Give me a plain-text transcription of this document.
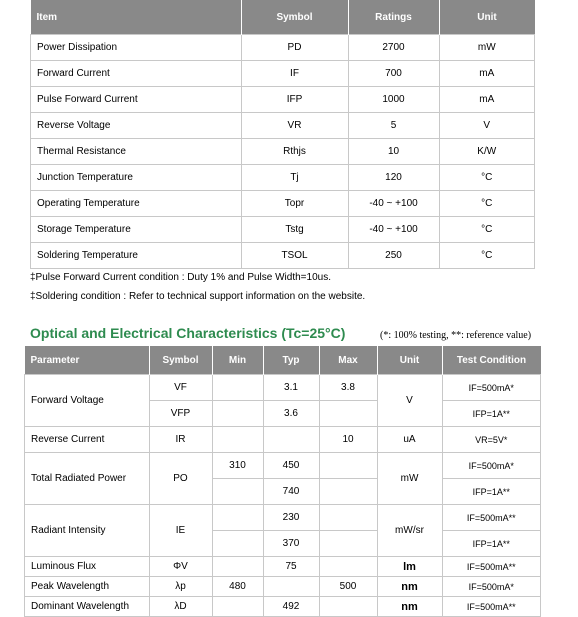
Item	Symbol	Ratings	Unit
Power Dissipation	PD	2700	mW
Forward Current	IF	700	mA
Pulse Forward Current	IFP	1000	mA
Reverse Voltage	VR	5	V
Thermal Resistance	Rthjs	10	K/W
Junction Temperature	Tj	120	°C
Operating Temperature	Topr	-40 ~ +100	°C
Storage Temperature	Tstg	-40 ~ +100	°C
Soldering Temperature	TSOL	250	°C
‡Pulse Forward Current condition : Duty 1% and Pulse Width=10us.
‡Soldering condition : Refer to technical support information on the website.
Optical and Electrical Characteristics (Tc=25°C)	(*: 100% testing, **: reference value)
Parameter	Symbol	Min	Typ	Max	Unit	Test Condition
Forward Voltage	VF		3.1	3.8	V	IF=500mA*
	VFP		3.6			IFP=1A**
Reverse Current	IR			10	uA	VR=5V*
Total Radiated Power	PO	310	450		mW	IF=500mA*
			740			IFP=1A**
Radiant Intensity	IE		230		mW/sr	IF=500mA**
			370			IFP=1A**
Luminous Flux	ΦV		75		lm	IF=500mA**
Peak Wavelength	λp	480		500	nm	IF=500mA*
Dominant Wavelength	λD		492		nm	IF=500mA**
